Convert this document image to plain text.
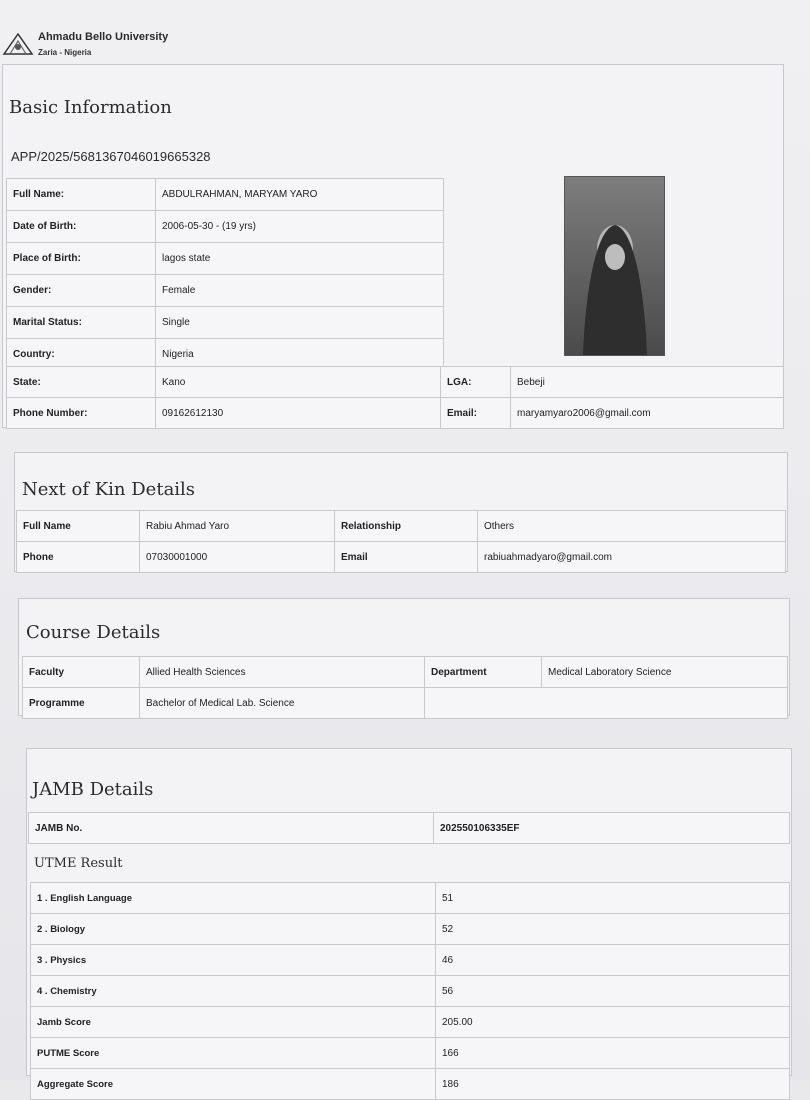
Ahmadu Bello University
Zaria - Nigeria
Basic Information
APP/2025/5681367046019665328
Full Name:	ABDULRAHMAN, MARYAM YARO
Date of Birth:	2006-05-30 - (19 yrs)
Place of Birth:	lagos state
Gender:	Female
Marital Status:	Single
Country:	Nigeria
State:	Kano	LGA:	Bebeji
Phone Number:	09162612130	Email:	maryamyaro2006@gmail.com
Next of Kin Details
Full Name	Rabiu Ahmad Yaro	Relationship	Others
Phone	07030001000	Email	rabiuahmadyaro@gmail.com
Course Details
Faculty	Allied Health Sciences	Department	Medical Laboratory Science
Programme	Bachelor of Medical Lab. Science		
JAMB Details
JAMB No.	202550106335EF
UTME Result
1 . English Language	51
2 . Biology	52
3 . Physics	46
4 . Chemistry	56
Jamb Score	205.00
PUTME Score	166
Aggregate Score	186
